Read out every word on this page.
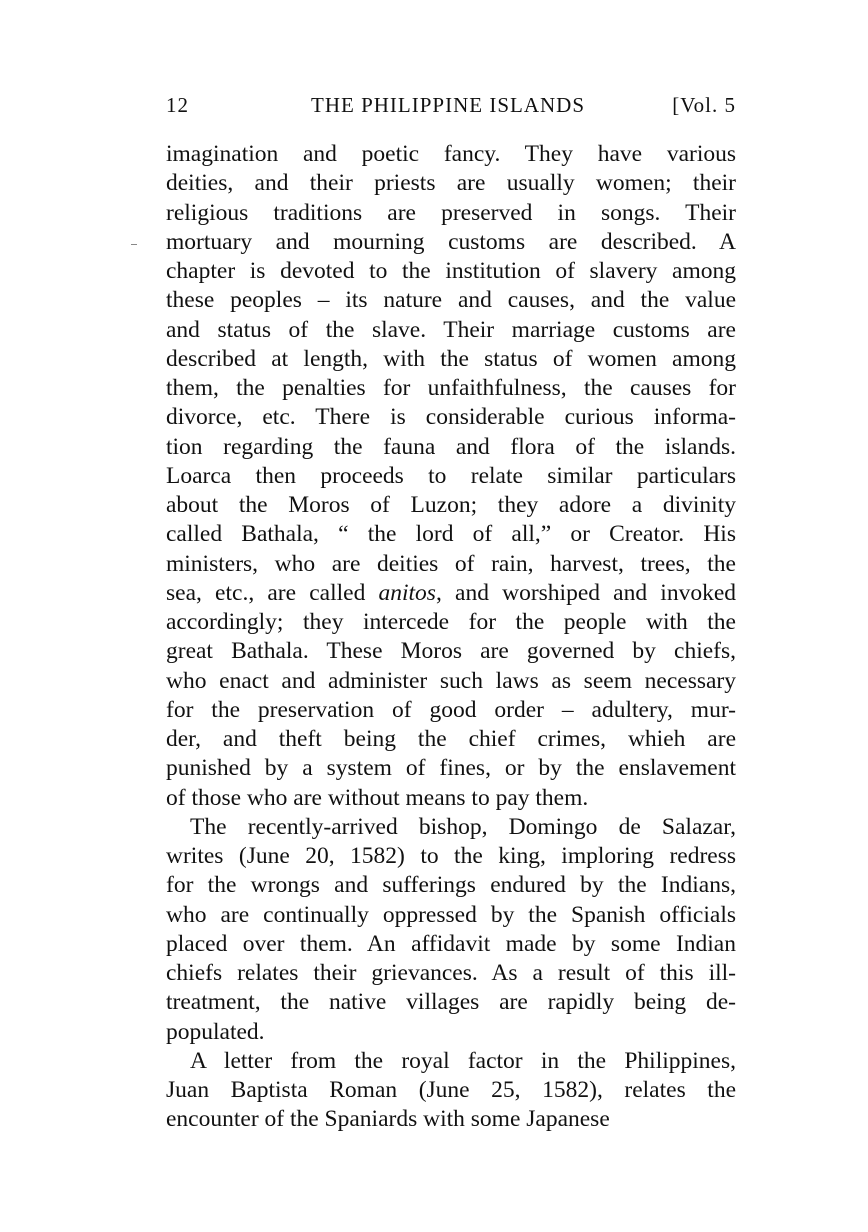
12	THE PHILIPPINE ISLANDS	[Vol. 5
imagination and poetic fancy. They have various
deities, and their priests are usually women; their
religious traditions are preserved in songs. Their
mortuary and mourning customs are described. A
chapter is devoted to the institution of slavery among
these peoples – its nature and causes, and the value
and status of the slave. Their marriage customs are
described at length, with the status of women among
them, the penalties for unfaithfulness, the causes for
divorce, etc. There is considerable curious informa-
tion regarding the fauna and flora of the islands.
Loarca then proceeds to relate similar particulars
about the Moros of Luzon; they adore a divinity
called Bathala, “ the lord of all,” or Creator. His
ministers, who are deities of rain, harvest, trees, the
sea, etc., are called anitos, and worshiped and invoked
accordingly; they intercede for the people with the
great Bathala. These Moros are governed by chiefs,
who enact and administer such laws as seem necessary
for the preservation of good order – adultery, mur-
der, and theft being the chief crimes, whieh are
punished by a system of fines, or by the enslavement
of those who are without means to pay them.
The recently-arrived bishop, Domingo de Salazar,
writes (June 20, 1582) to the king, imploring redress
for the wrongs and sufferings endured by the Indians,
who are continually oppressed by the Spanish officials
placed over them. An affidavit made by some Indian
chiefs relates their grievances. As a result of this ill-
treatment, the native villages are rapidly being de-
populated.
A letter from the royal factor in the Philippines,
Juan Baptista Roman (June 25, 1582), relates the
encounter of the Spaniards with some Japanese
